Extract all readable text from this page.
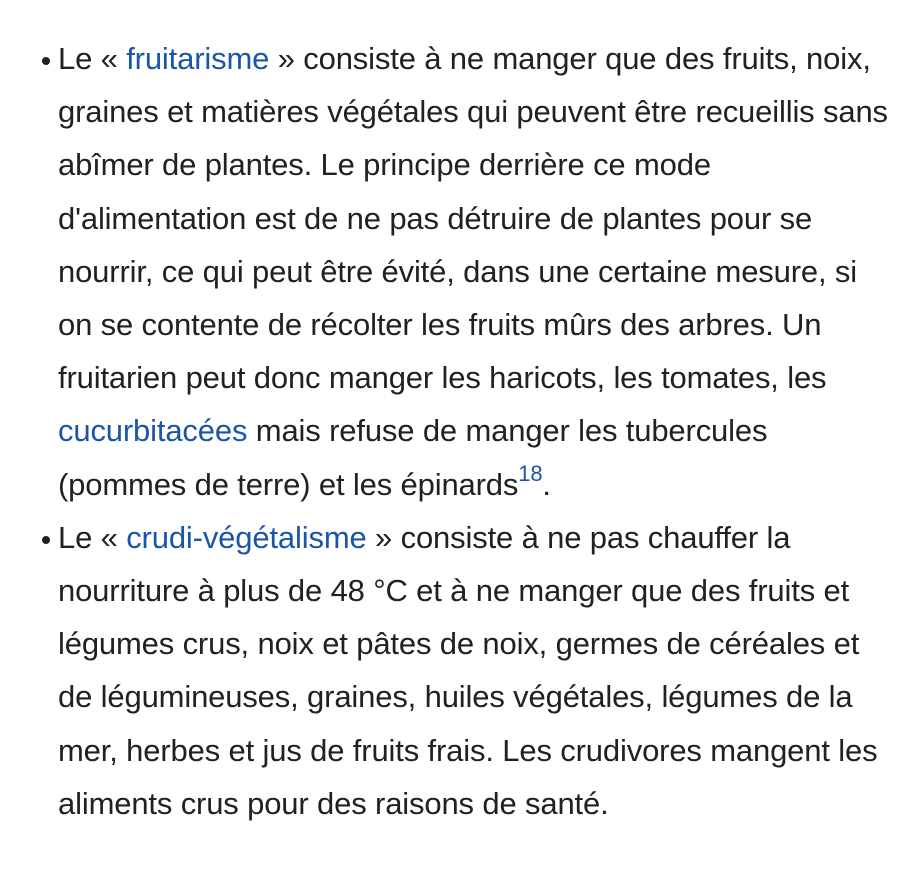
Le « fruitarisme » consiste à ne manger que des fruits, noix, graines et matières végétales qui peuvent être recueillis sans abîmer de plantes. Le principe derrière ce mode d'alimentation est de ne pas détruire de plantes pour se nourrir, ce qui peut être évité, dans une certaine mesure, si on se contente de récolter les fruits mûrs des arbres. Un fruitarien peut donc manger les haricots, les tomates, les cucurbitacées mais refuse de manger les tubercules (pommes de terre) et les épinards$^{18}$.
Le « crudi-végétalisme » consiste à ne pas chauffer la nourriture à plus de 48 °C et à ne manger que des fruits et légumes crus, noix et pâtes de noix, germes de céréales et de légumineuses, graines, huiles végétales, légumes de la mer, herbes et jus de fruits frais. Les crudivores mangent les aliments crus pour des raisons de santé.
